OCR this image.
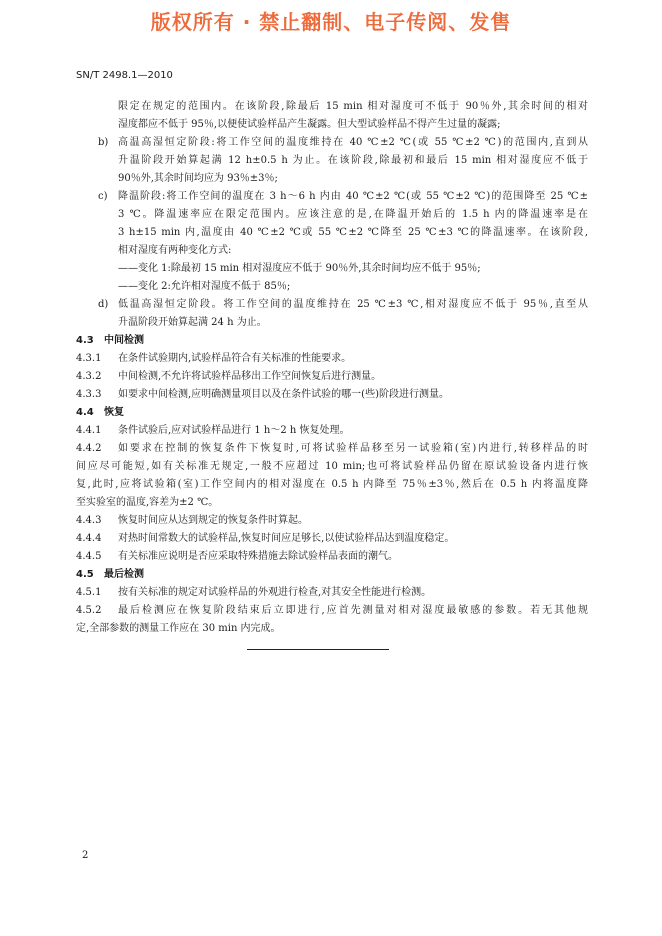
版权所有 · 禁止翻制、电子传阅、发售
SN/T 2498.1—2010
限定在规定的范围内。在该阶段,除最后 15 min 相对湿度可不低于 90％外,其余时间的相对
湿度都应不低于 95％,以便使试验样品产生凝露。但大型试验样品不得产生过量的凝露;
b) 高温高湿恒定阶段:将工作空间的温度维持在 40 ℃±2 ℃(或 55 ℃±2 ℃)的范围内,直到从
升温阶段开始算起满 12 h±0.5 h 为止。在该阶段,除最初和最后 15 min 相对湿度应不低于
90％外,其余时间均应为 93％±3％;
c) 降温阶段:将工作空间的温度在 3 h～6 h 内由 40 ℃±2 ℃(或 55 ℃±2 ℃)的范围降至 25 ℃±
3 ℃。降温速率应在限定范围内。应该注意的是,在降温开始后的 1.5 h 内的降温速率是在
3 h±15 min 内,温度由 40 ℃±2 ℃或 55 ℃±2 ℃降至 25 ℃±3 ℃的降温速率。在该阶段,
相对湿度有两种变化方式:
——变化 1:除最初 15 min 相对湿度应不低于 90％外,其余时间均应不低于 95％;
——变化 2:允许相对湿度不低于 85％;
d) 低温高湿恒定阶段。将工作空间的温度维持在 25 ℃±3 ℃,相对湿度应不低于 95％,直至从
升温阶段开始算起满 24 h 为止。
4.3 中间检测
4.3.1 在条件试验期内,试验样品符合有关标准的性能要求。
4.3.2 中间检测,不允许将试验样品移出工作空间恢复后进行测量。
4.3.3 如要求中间检测,应明确测量项目以及在条件试验的哪一(些)阶段进行测量。
4.4 恢复
4.4.1 条件试验后,应对试验样品进行 1 h～2 h 恢复处理。
4.4.2 如要求在控制的恢复条件下恢复时,可将试验样品移至另一试验箱(室)内进行,转移样品的时
间应尽可能短,如有关标准无规定,一般不应超过 10 min;也可将试验样品仍留在原试验设备内进行恢
复,此时,应将试验箱(室)工作空间内的相对湿度在 0.5 h 内降至 75％±3％,然后在 0.5 h 内将温度降
至实验室的温度,容差为±2 ℃。
4.4.3 恢复时间应从达到规定的恢复条件时算起。
4.4.4 对热时间常数大的试验样品,恢复时间应足够长,以使试验样品达到温度稳定。
4.4.5 有关标准应说明是否应采取特殊措施去除试验样品表面的潮气。
4.5 最后检测
4.5.1 按有关标准的规定对试验样品的外观进行检查,对其安全性能进行检测。
4.5.2 最后检测应在恢复阶段结束后立即进行,应首先测量对相对湿度最敏感的参数。若无其他规
定,全部参数的测量工作应在 30 min 内完成。
2
